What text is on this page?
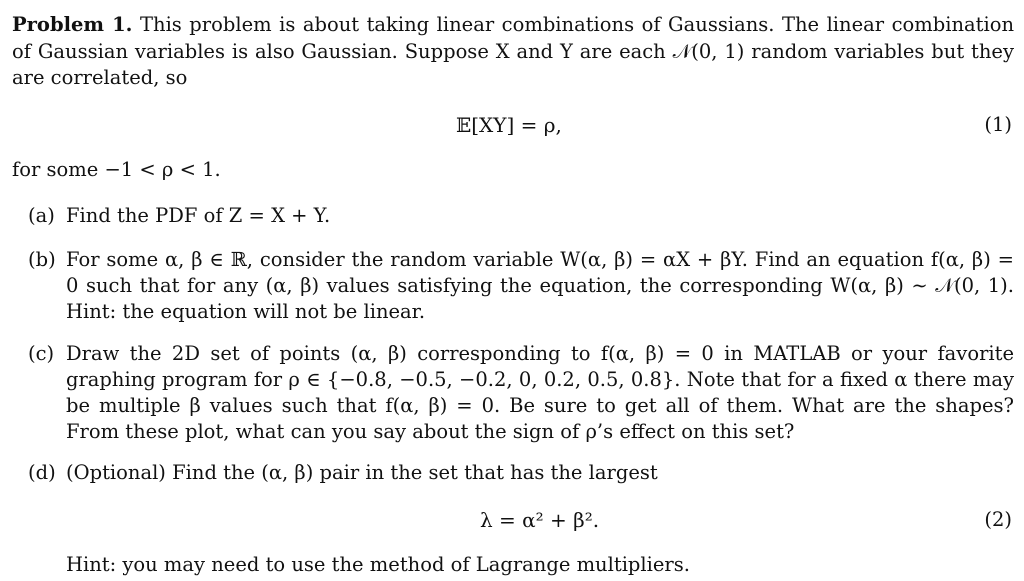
Problem 1. This problem is about taking linear combinations of Gaussians. The linear combination of Gaussian variables is also Gaussian. Suppose X and Y are each 𝒩(0, 1) random variables but they are correlated, so
𝔼[XY] = ρ,	(1)
for some −1 < ρ < 1.
(a) Find the PDF of Z = X + Y.
(b) For some α, β ∈ ℝ, consider the random variable W(α, β) = αX + βY. Find an equation f(α, β) = 0 such that for any (α, β) values satisfying the equation, the corresponding W(α, β) ∼ 𝒩(0, 1). Hint: the equation will not be linear.
(c) Draw the 2D set of points (α, β) corresponding to f(α, β) = 0 in MATLAB or your favorite graphing program for ρ ∈ {−0.8, −0.5, −0.2, 0, 0.2, 0.5, 0.8}. Note that for a fixed α there may be multiple β values such that f(α, β) = 0. Be sure to get all of them. What are the shapes? From these plot, what can you say about the sign of ρ’s effect on this set?
(d) (Optional) Find the (α, β) pair in the set that has the largest
λ = α² + β².	(2)
Hint: you may need to use the method of Lagrange multipliers.
